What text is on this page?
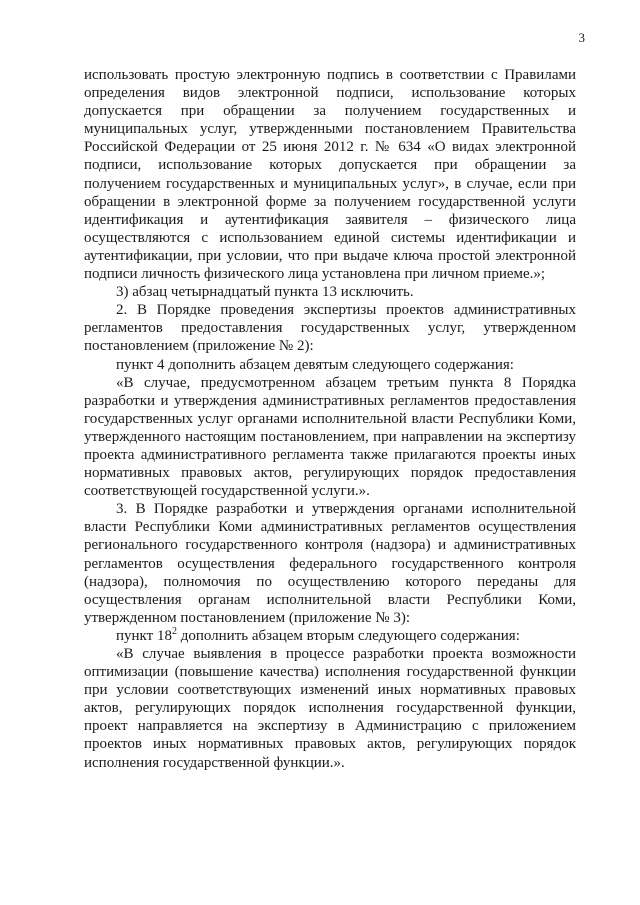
3

использовать простую электронную подпись в соответствии с Правилами определения видов электронной подписи, использование которых допускается при обращении за получением государственных и муниципальных услуг, утвержденными постановлением Правительства Российской Федерации от 25 июня 2012 г. № 634 «О видах электронной подписи, использование которых допускается при обращении за получением государственных и муниципальных услуг», в случае, если при обращении в электронной форме за получением государственной услуги идентификация и аутентификация заявителя – физического лица осуществляются с использованием единой системы идентификации и аутентификации, при условии, что при выдаче ключа простой электронной подписи личность физического лица установлена при личном приеме.»;

3) абзац четырнадцатый пункта 13 исключить.

2. В Порядке проведения экспертизы проектов административных регламентов предоставления государственных услуг, утвержденном постановлением (приложение № 2):

пункт 4 дополнить абзацем девятым следующего содержания:

«В случае, предусмотренном абзацем третьим пункта 8 Порядка разработки и утверждения административных регламентов предоставления государственных услуг органами исполнительной власти Республики Коми, утвержденного настоящим постановлением, при направлении на экспертизу проекта административного регламента также прилагаются проекты иных нормативных правовых актов, регулирующих порядок предоставления соответствующей государственной услуги.».

3. В Порядке разработки и утверждения органами исполнительной власти Республики Коми административных регламентов осуществления регионального государственного контроля (надзора) и административных регламентов осуществления федерального государственного контроля (надзора), полномочия по осуществлению которого переданы для осуществления органам исполнительной власти Республики Коми, утвержденном постановлением (приложение № 3):

пункт $18^2$ дополнить абзацем вторым следующего содержания:

«В случае выявления в процессе разработки проекта возможности оптимизации (повышение качества) исполнения государственной функции при условии соответствующих изменений иных нормативных правовых актов, регулирующих порядок исполнения государственной функции, проект направляется на экспертизу в Администрацию с приложением проектов иных нормативных правовых актов, регулирующих порядок исполнения государственной функции.».
